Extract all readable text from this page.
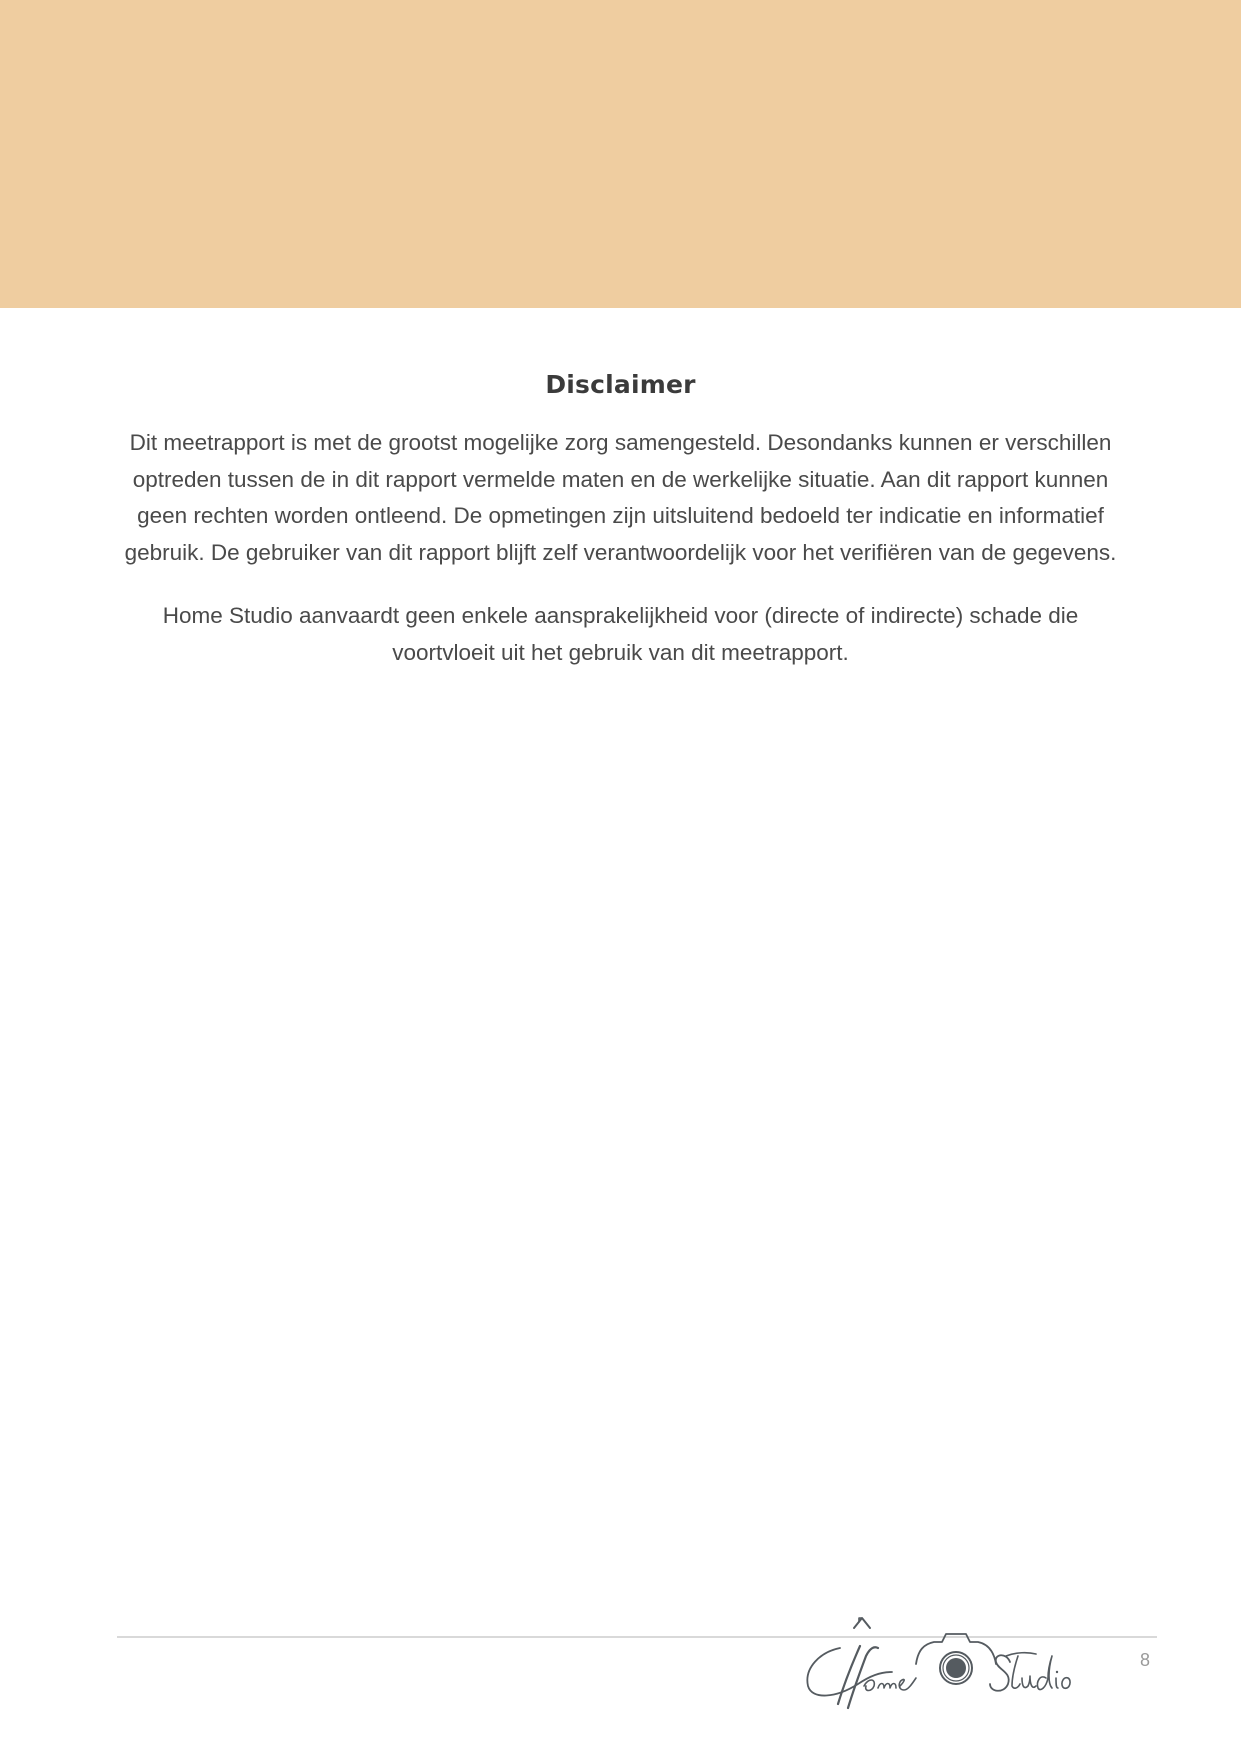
Disclaimer

Dit meetrapport is met de grootst mogelijke zorg samengesteld. Desondanks kunnen er verschillen optreden tussen de in dit rapport vermelde maten en de werkelijke situatie. Aan dit rapport kunnen geen rechten worden ontleend. De opmetingen zijn uitsluitend bedoeld ter indicatie en informatief gebruik. De gebruiker van dit rapport blijft zelf verantwoordelijk voor het verifiëren van de gegevens.

Home Studio aanvaardt geen enkele aansprakelijkheid voor (directe of indirecte) schade die voortvloeit uit het gebruik van dit meetrapport.

8
